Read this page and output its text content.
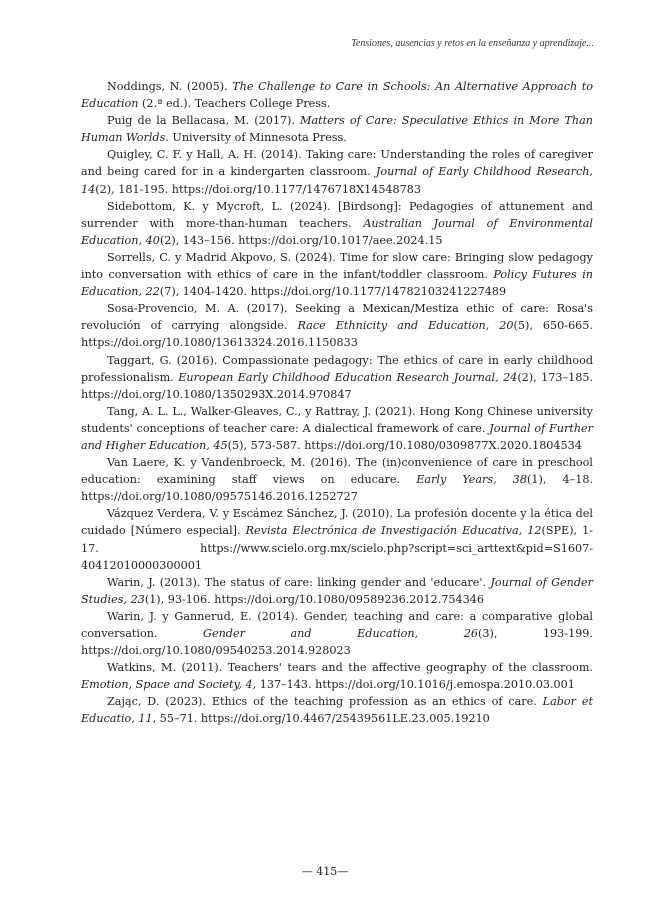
Tensiones, ausencias y retos en la enseñanza y aprendizaje...

Noddings, N. (2005). The Challenge to Care in Schools: An Alternative Approach to Education (2.ª ed.). Teachers College Press.

Puig de la Bellacasa, M. (2017). Matters of Care: Speculative Ethics in More Than Human Worlds. University of Minnesota Press.

Quigley, C. F. y Hall, A. H. (2014). Taking care: Understanding the roles of caregiver and being cared for in a kindergarten classroom. Journal of Early Childhood Research, 14(2), 181-195. https://doi.org/10.1177/1476718X14548783

Sidebottom, K. y Mycroft, L. (2024). [Birdsong]: Pedagogies of attunement and surrender with more-than-human teachers. Australian Journal of Environmental Education, 40(2), 143–156. https://doi.org/10.1017/aee.2024.15

Sorrells, C. y Madrid Akpovo, S. (2024). Time for slow care: Bringing slow pedagogy into conversation with ethics of care in the infant/toddler classroom. Policy Futures in Education, 22(7), 1404-1420. https://doi.org/10.1177/14782103241227489

Sosa-Provencio, M. A. (2017). Seeking a Mexican/Mestiza ethic of care: Rosa's revolución of carrying alongside. Race Ethnicity and Education, 20(5), 650-665. https://doi.org/10.1080/13613324.2016.1150833

Taggart, G. (2016). Compassionate pedagogy: The ethics of care in early childhood professionalism. European Early Childhood Education Research Journal, 24(2), 173–185. https://doi.org/10.1080/1350293X.2014.970847

Tang, A. L. L., Walker-Gleaves, C., y Rattray, J. (2021). Hong Kong Chinese university students' conceptions of teacher care: A dialectical framework of care. Journal of Further and Higher Education, 45(5), 573-587. https://doi.org/10.1080/0309877X.2020.1804534

Van Laere, K. y Vandenbroeck, M. (2016). The (in)convenience of care in preschool education: examining staff views on educare. Early Years, 38(1), 4–18. https://doi.org/10.1080/09575146.2016.1252727

Vázquez Verdera, V. y Escámez Sánchez, J. (2010). La profesión docente y la ética del cuidado [Número especial]. Revista Electrónica de Investigación Educativa, 12(SPE), 1-17. https://www.scielo.org.mx/scielo.php?script=sci_arttext&pid=S1607-40412010000300001

Warin, J. (2013). The status of care: linking gender and 'educare'. Journal of Gender Studies, 23(1), 93-106. https://doi.org/10.1080/09589236.2012.754346

Warin, J. y Gannerud, E. (2014). Gender, teaching and care: a comparative global conversation. Gender and Education, 26(3), 193-199. https://doi.org/10.1080/09540253.2014.928023

Watkins, M. (2011). Teachers' tears and the affective geography of the classroom. Emotion, Space and Society, 4, 137–143. https://doi.org/10.1016/j.emospa.2010.03.001

Zając, D. (2023). Ethics of the teaching profession as an ethics of care. Labor et Educatio, 11, 55–71. https://doi.org/10.4467/25439561LE.23.005.19210

— 415—
